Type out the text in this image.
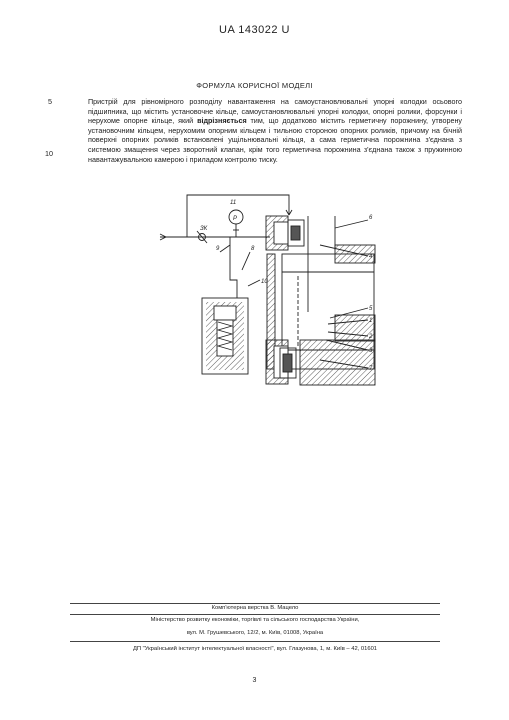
UA 143022 U
ФОРМУЛА КОРИСНОЇ МОДЕЛІ
5
10
Пристрій для рівномірного розподілу навантаження на самоустановлювальні упорні колодки осьового підшипника, що містить установочне кільце, самоустановлювальні упорні колодки, опорні ролики, форсунки і нерухоме опорне кільце, який відрізняється тим, що додатково містить герметичну порожнину, утворену установочним кільцем, нерухомим опорним кільцем і тильною стороною опорних роликів, причому на бічній поверхні опорних роликів встановлені ущільнювальні кільця, а сама герметична порожнина з'єднана з системою змащення через зворотний клапан, крім того герметична порожнина з'єднана також з пружинною навантажувальною камерою і приладом контролю тиску.
11
P	6
ЗК
9	8
4
10
5
1
2
3
7
Комп'ютерна верстка В. Мацело
Міністерство розвитку економіки, торгівлі та сільського господарства України,
вул. М. Грушевського, 12/2, м. Київ, 01008, Україна
ДП "Український інститут інтелектуальної власності", вул. Глазунова, 1, м. Київ – 42, 01601
3
